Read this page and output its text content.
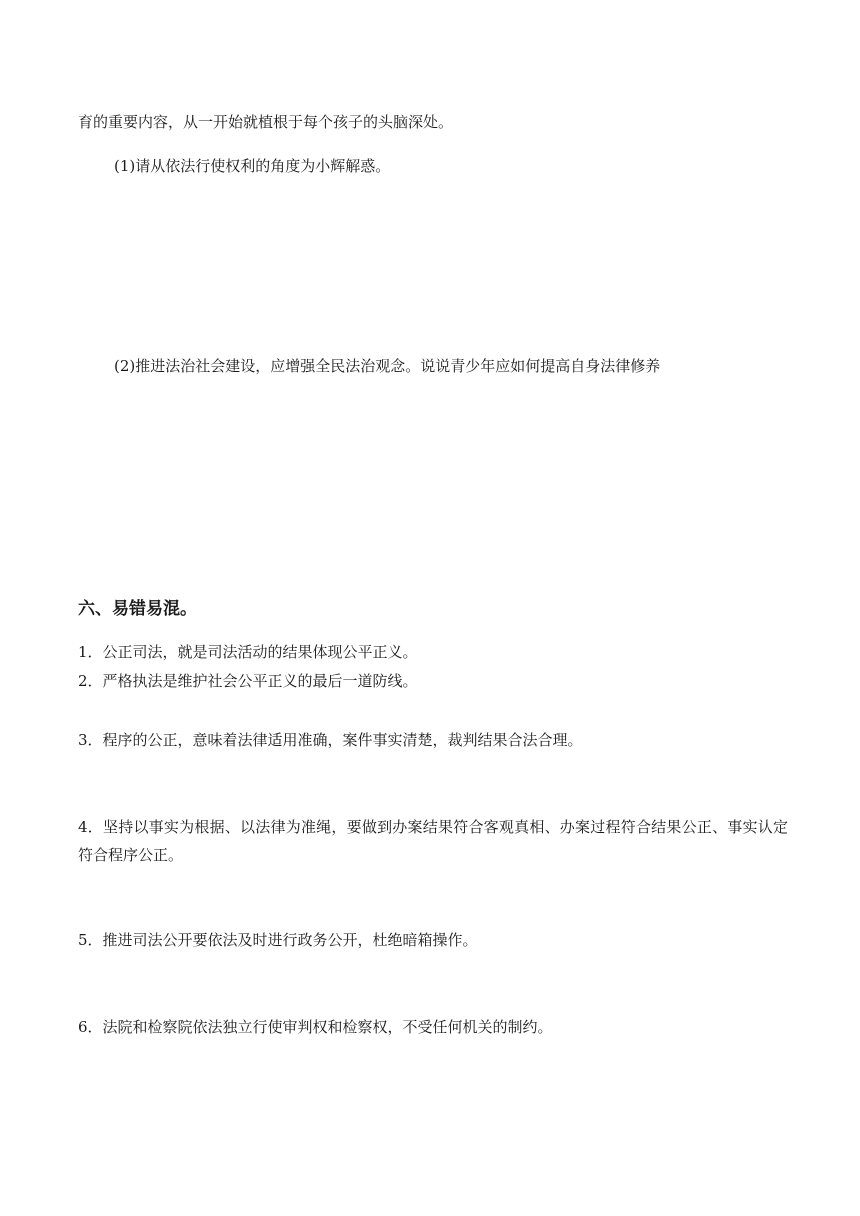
育的重要内容，从一开始就植根于每个孩子的头脑深处。
(1)请从依法行使权利的角度为小辉解惑。
(2)推进法治社会建设，应增强全民法治观念。说说青少年应如何提高自身法律修养
六、易错易混。
1．公正司法，就是司法活动的结果体现公平正义。
2．严格执法是维护社会公平正义的最后一道防线。
3．程序的公正，意味着法律适用准确，案件事实清楚，裁判结果合法合理。
4．坚持以事实为根据、以法律为准绳，要做到办案结果符合客观真相、办案过程符合结果公正、事实认定符合程序公正。
5．推进司法公开要依法及时进行政务公开，杜绝暗箱操作。
6．法院和检察院依法独立行使审判权和检察权，不受任何机关的制约。
